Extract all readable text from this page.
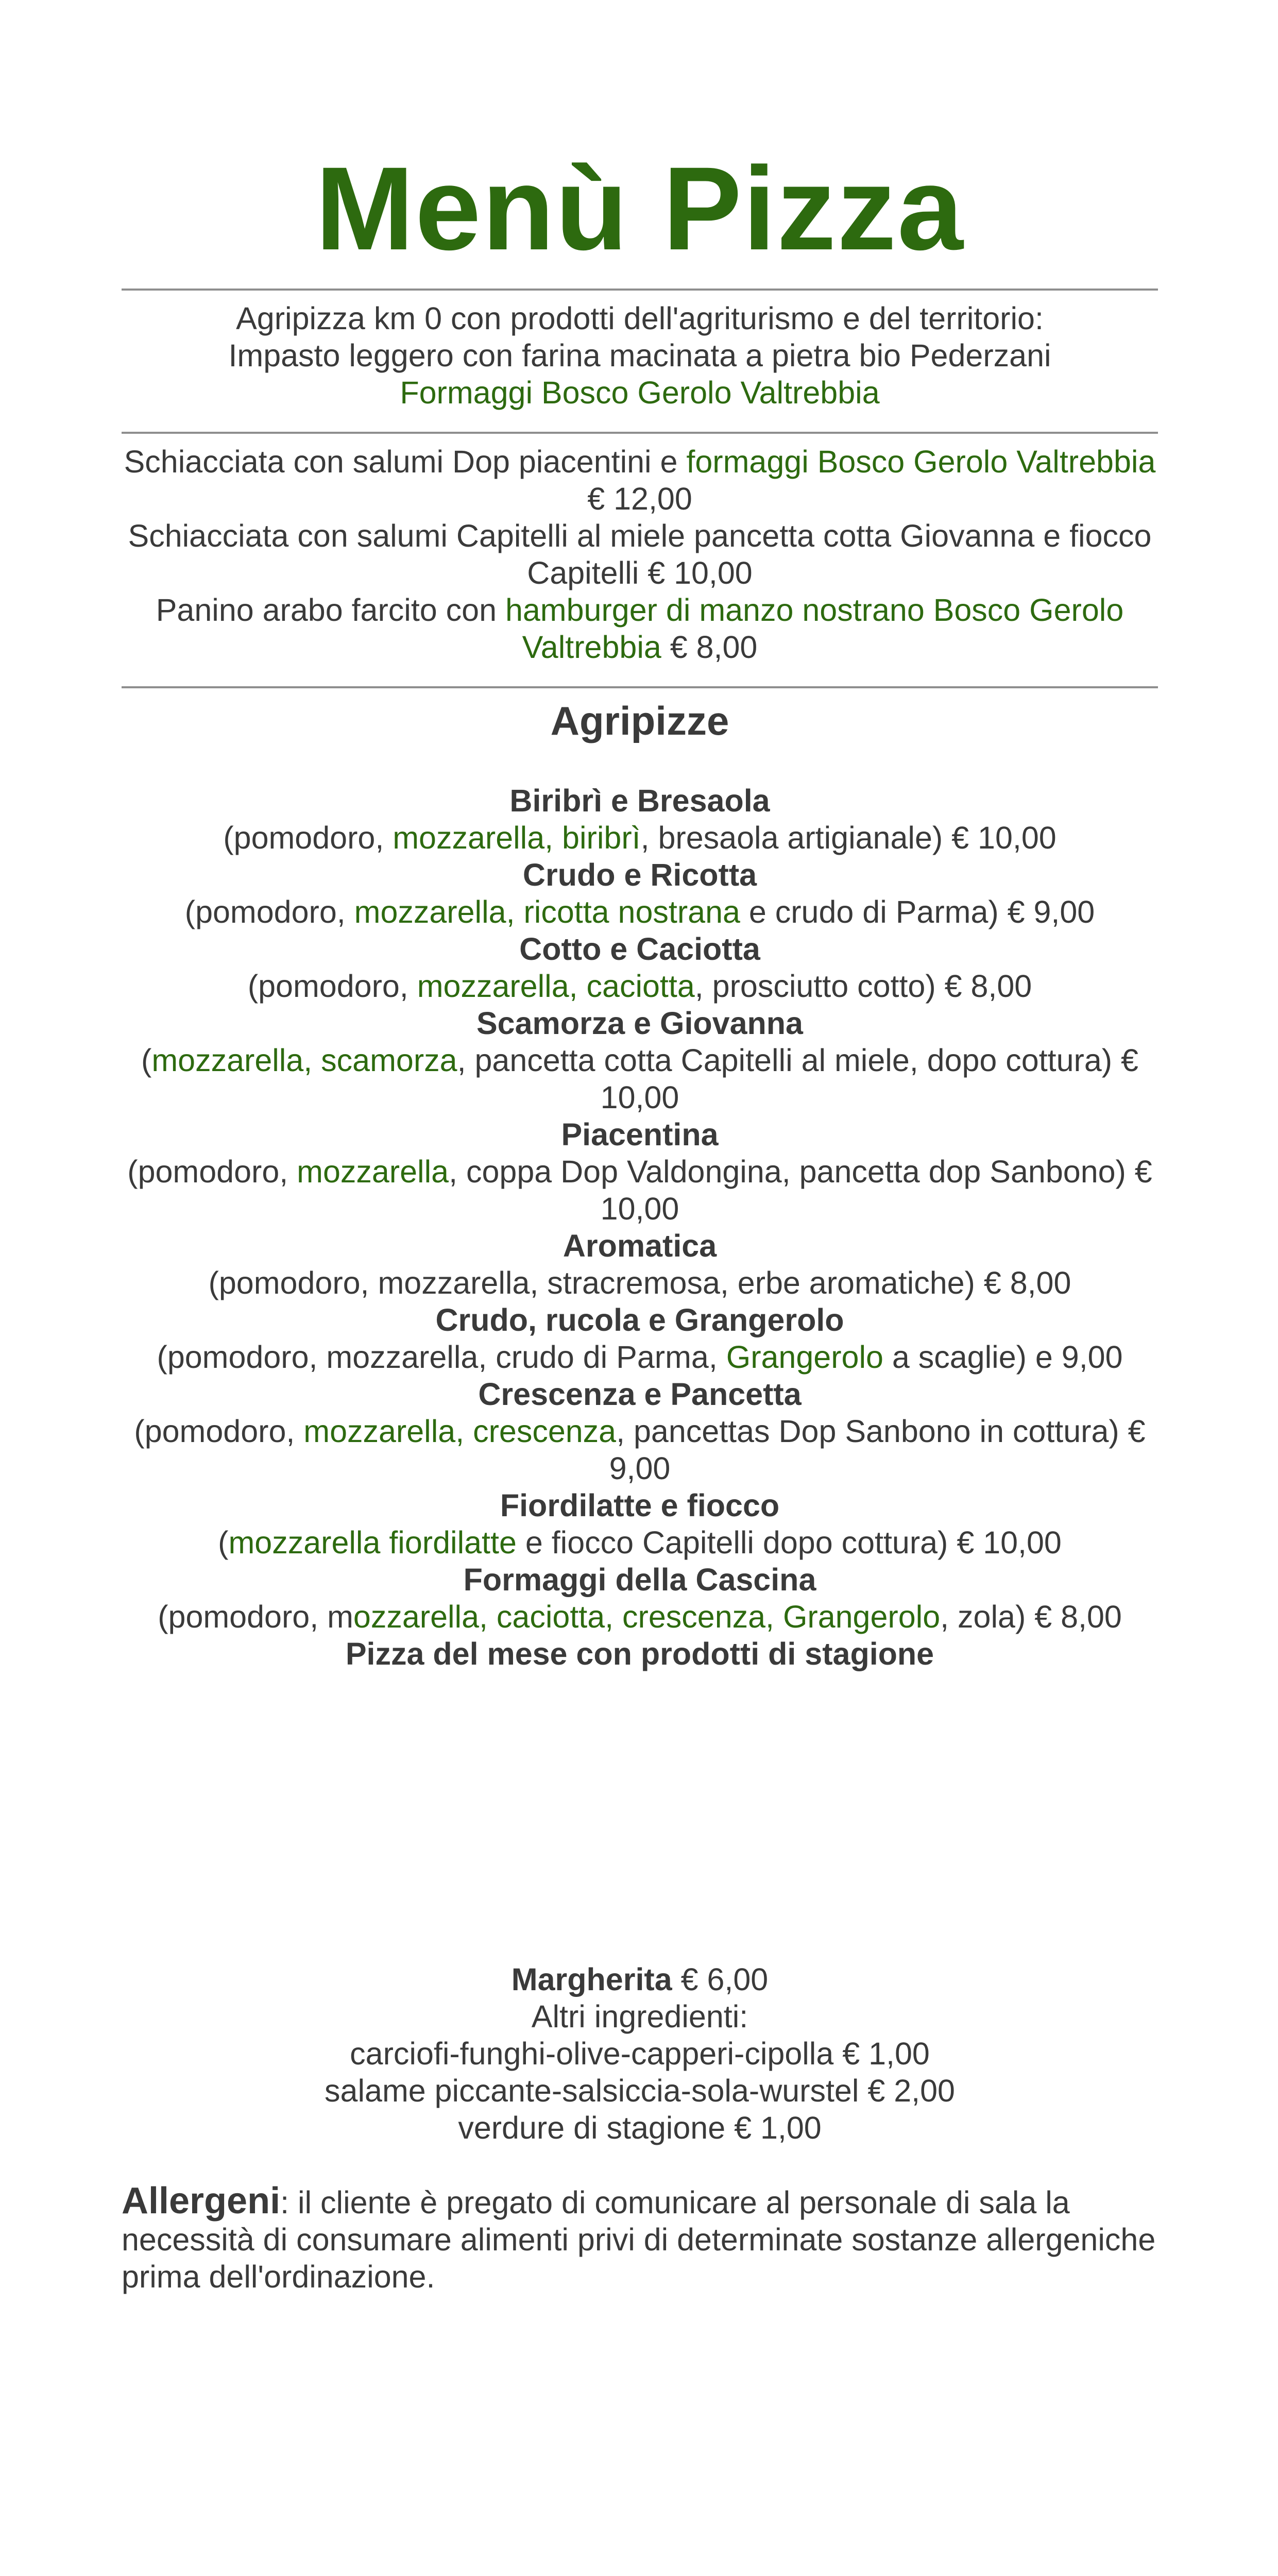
Menù Pizza
Agripizza km 0 con prodotti dell'agriturismo e del territorio:
Impasto leggero con farina macinata a pietra bio Pederzani
Formaggi Bosco Gerolo Valtrebbia
Schiacciata con salumi Dop piacentini e formaggi Bosco Gerolo Valtrebbia € 12,00
Schiacciata con salumi Capitelli al miele pancetta cotta Giovanna e fiocco Capitelli € 10,00
Panino arabo farcito con hamburger di manzo nostrano Bosco Gerolo Valtrebbia € 8,00
Agripizze
Biribrì e Bresaola
(pomodoro, mozzarella, biribrì, bresaola artigianale) € 10,00
Crudo e Ricotta
(pomodoro, mozzarella, ricotta nostrana e crudo di Parma) € 9,00
Cotto e Caciotta
(pomodoro, mozzarella, caciotta, prosciutto cotto) € 8,00
Scamorza e Giovanna
(mozzarella, scamorza, pancetta cotta Capitelli al miele, dopo cottura) € 10,00
Piacentina
(pomodoro, mozzarella, coppa Dop Valdongina, pancetta dop Sanbono) € 10,00
Aromatica
(pomodoro, mozzarella, stracremosa, erbe aromatiche) € 8,00
Crudo, rucola e Grangerolo
(pomodoro, mozzarella, crudo di Parma, Grangerolo a scaglie) e 9,00
Crescenza e Pancetta
(pomodoro, mozzarella, crescenza, pancettas Dop Sanbono in cottura) € 9,00
Fiordilatte e fiocco
(mozzarella fiordilatte e fiocco Capitelli dopo cottura) € 10,00
Formaggi della Cascina
(pomodoro, mozzarella, caciotta, crescenza, Grangerolo, zola) € 8,00
Pizza del mese con prodotti di stagione
Margherita € 6,00
Altri ingredienti:
carciofi-funghi-olive-capperi-cipolla € 1,00
salame piccante-salsiccia-sola-wurstel € 2,00
verdure di stagione € 1,00
Allergeni: il cliente è pregato di comunicare al personale di sala la necessità di consumare alimenti privi di determinate sostanze allergeniche prima dell'ordinazione.
